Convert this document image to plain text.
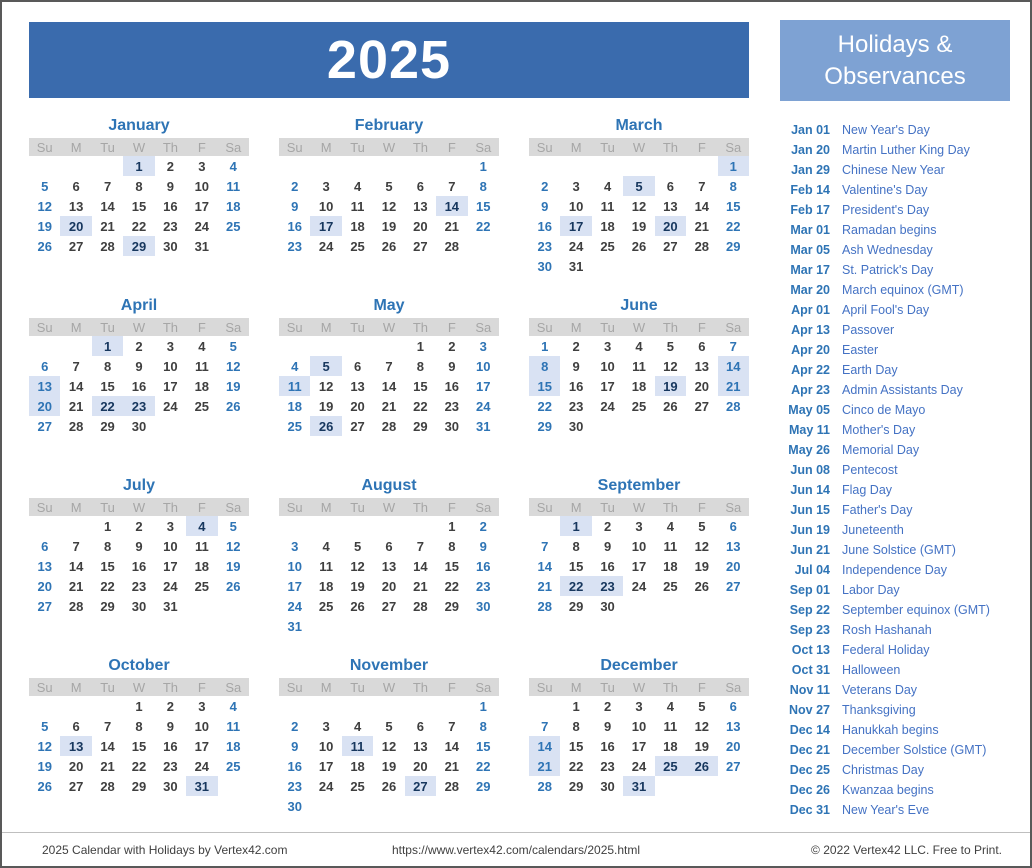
2025	Holidays & Observances
January
Su	M	Tu	W	Th	F	Sa
			1	2	3	4
5	6	7	8	9	10	11
12	13	14	15	16	17	18
19	20	21	22	23	24	25
26	27	28	29	30	31	
February
Su	M	Tu	W	Th	F	Sa
						1
2	3	4	5	6	7	8
9	10	11	12	13	14	15
16	17	18	19	20	21	22
23	24	25	26	27	28	
March
Su	M	Tu	W	Th	F	Sa
						1
2	3	4	5	6	7	8
9	10	11	12	13	14	15
16	17	18	19	20	21	22
23	24	25	26	27	28	29
30	31					
April
Su	M	Tu	W	Th	F	Sa
		1	2	3	4	5
6	7	8	9	10	11	12
13	14	15	16	17	18	19
20	21	22	23	24	25	26
27	28	29	30			
May
Su	M	Tu	W	Th	F	Sa
				1	2	3
4	5	6	7	8	9	10
11	12	13	14	15	16	17
18	19	20	21	22	23	24
25	26	27	28	29	30	31
June
Su	M	Tu	W	Th	F	Sa
1	2	3	4	5	6	7
8	9	10	11	12	13	14
15	16	17	18	19	20	21
22	23	24	25	26	27	28
29	30					
July
Su	M	Tu	W	Th	F	Sa
		1	2	3	4	5
6	7	8	9	10	11	12
13	14	15	16	17	18	19
20	21	22	23	24	25	26
27	28	29	30	31		
August
Su	M	Tu	W	Th	F	Sa
					1	2
3	4	5	6	7	8	9
10	11	12	13	14	15	16
17	18	19	20	21	22	23
24	25	26	27	28	29	30
31						
September
Su	M	Tu	W	Th	F	Sa
	1	2	3	4	5	6
7	8	9	10	11	12	13
14	15	16	17	18	19	20
21	22	23	24	25	26	27
28	29	30				
October
Su	M	Tu	W	Th	F	Sa
			1	2	3	4
5	6	7	8	9	10	11
12	13	14	15	16	17	18
19	20	21	22	23	24	25
26	27	28	29	30	31	
November
Su	M	Tu	W	Th	F	Sa
						1
2	3	4	5	6	7	8
9	10	11	12	13	14	15
16	17	18	19	20	21	22
23	24	25	26	27	28	29
30						
December
Su	M	Tu	W	Th	F	Sa
	1	2	3	4	5	6
7	8	9	10	11	12	13
14	15	16	17	18	19	20
21	22	23	24	25	26	27
28	29	30	31			
Jan 01 New Year's Day
Jan 20 Martin Luther King Day
Jan 29 Chinese New Year
Feb 14 Valentine's Day
Feb 17 President's Day
Mar 01 Ramadan begins
Mar 05 Ash Wednesday
Mar 17 St. Patrick's Day
Mar 20 March equinox (GMT)
Apr 01 April Fool's Day
Apr 13 Passover
Apr 20 Easter
Apr 22 Earth Day
Apr 23 Admin Assistants Day
May 05 Cinco de Mayo
May 11 Mother's Day
May 26 Memorial Day
Jun 08 Pentecost
Jun 14 Flag Day
Jun 15 Father's Day
Jun 19 Juneteenth
Jun 21 June Solstice (GMT)
Jul 04 Independence Day
Sep 01 Labor Day
Sep 22 September equinox (GMT)
Sep 23 Rosh Hashanah
Oct 13 Federal Holiday
Oct 31 Halloween
Nov 11 Veterans Day
Nov 27 Thanksgiving
Dec 14 Hanukkah begins
Dec 21 December Solstice (GMT)
Dec 25 Christmas Day
Dec 26 Kwanzaa begins
Dec 31 New Year's Eve
2025 Calendar with Holidays by Vertex42.com	https://www.vertex42.com/calendars/2025.html	© 2022 Vertex42 LLC. Free to Print.
